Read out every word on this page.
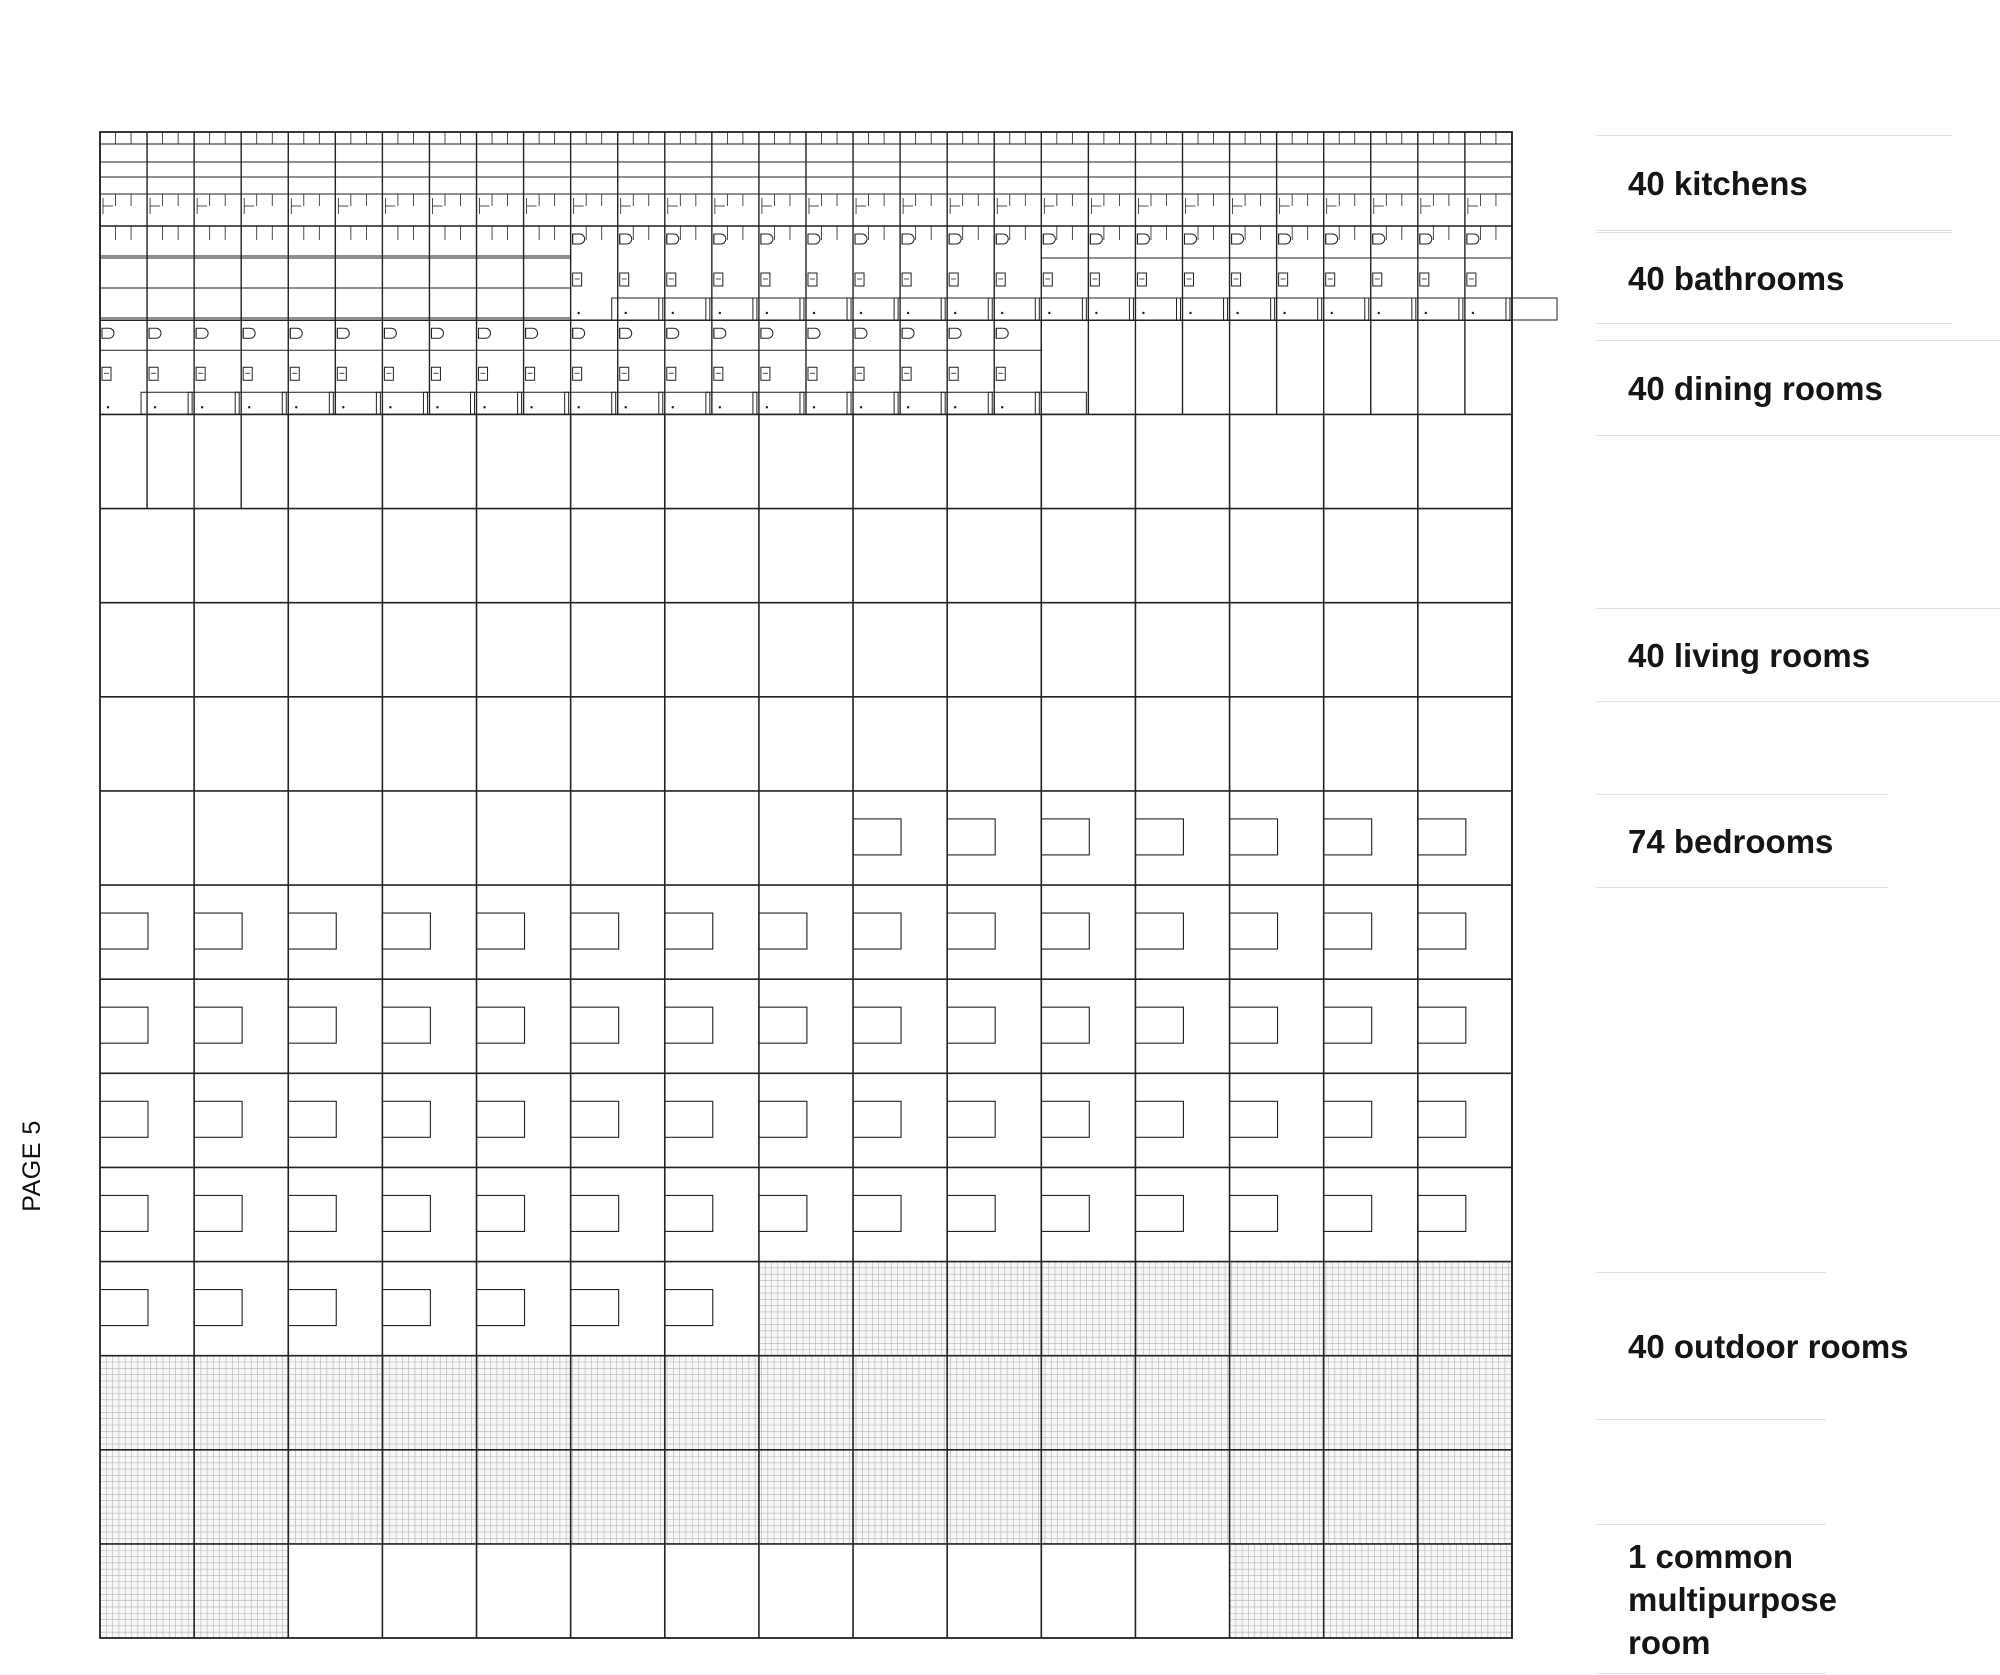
PAGE 5
40 kitchens
40 bathrooms
40 dining rooms
40 living rooms
74 bedrooms
40 outdoor rooms
1 common
multipurpose room
